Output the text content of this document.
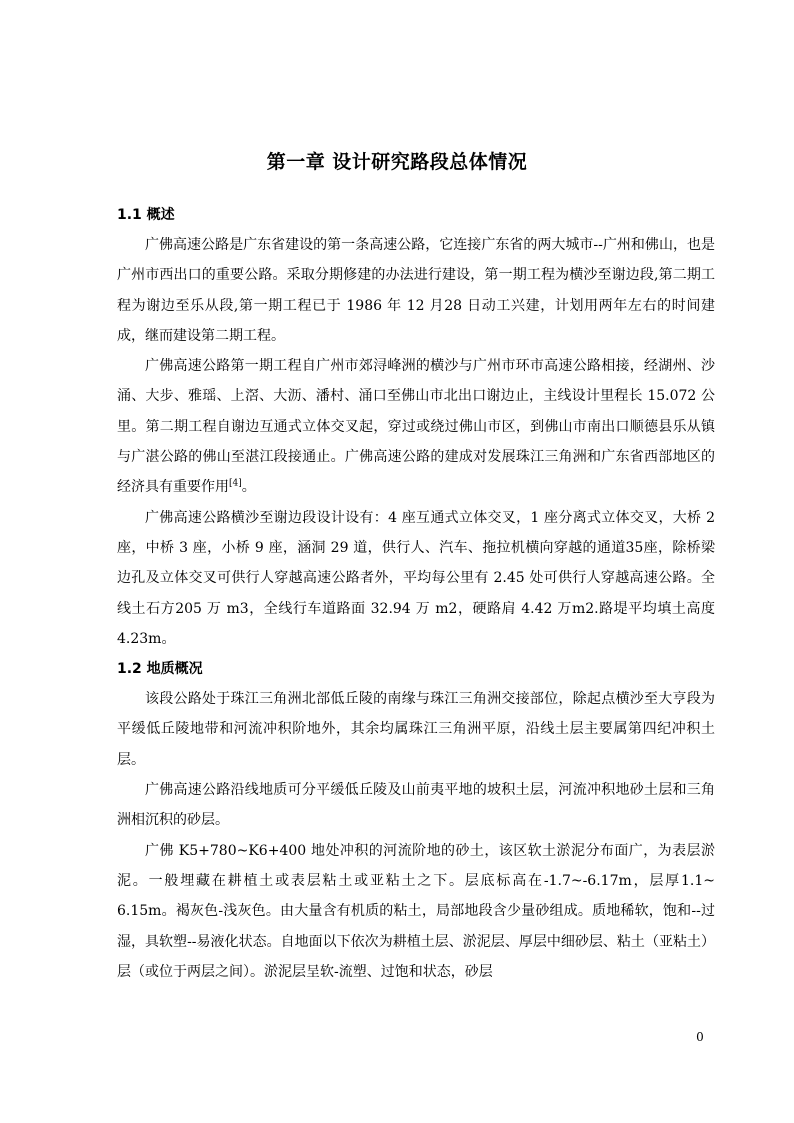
第一章 设计研究路段总体情况
1.1 概述

广佛高速公路是广东省建设的第一条高速公路，它连接广东省的两大城市--广州和佛山，也是广州市西出口的重要公路。采取分期修建的办法进行建设，第一期工程为横沙至谢边段,第二期工程为谢边至乐从段,第一期工程已于 1986 年 12 月28 日动工兴建，计划用两年左右的时间建成，继而建设第二期工程。

广佛高速公路第一期工程自广州市郊浔峰洲的横沙与广州市环市高速公路相接，经湖州、沙涌、大步、雅瑶、上滘、大沥、潘村、涌口至佛山市北出口谢边止，主线设计里程长 15.072 公里。第二期工程自谢边互通式立体交叉起，穿过或绕过佛山市区，到佛山市南出口顺德县乐从镇与广湛公路的佛山至湛江段接通止。广佛高速公路的建成对发展珠江三角洲和广东省西部地区的经济具有重要作用[4]。

广佛高速公路横沙至谢边段设计设有：4 座互通式立体交叉，1 座分离式立体交叉，大桥 2 座，中桥 3 座，小桥 9 座，涵洞 29 道，供行人、汽车、拖拉机横向穿越的通道35座，除桥梁边孔及立体交叉可供行人穿越高速公路者外，平均每公里有 2.45 处可供行人穿越高速公路。全线土石方205 万 m3，全线行车道路面 32.94 万 m2，硬路肩 4.42 万m2.路堤平均填土高度 4.23m。

1.2 地质概况

该段公路处于珠江三角洲北部低丘陵的南缘与珠江三角洲交接部位，除起点横沙至大亨段为平缓低丘陵地带和河流冲积阶地外，其余均属珠江三角洲平原，沿线土层主要属第四纪冲积土层。

广佛高速公路沿线地质可分平缓低丘陵及山前夷平地的坡积土层，河流冲积地砂土层和三角洲相沉积的砂层。

广佛 K5+780~K6+400 地处冲积的河流阶地的砂土，该区软土淤泥分布面广，为表层淤泥。一般埋藏在耕植土或表层粘土或亚粘土之下。层底标高在-1.7~-6.17m，层厚1.1~ 6.15m。褐灰色-浅灰色。由大量含有机质的粘土，局部地段含少量砂组成。质地稀软，饱和--过湿，具软塑--易液化状态。自地面以下依次为耕植土层、淤泥层、厚层中细砂层、粘土（亚粘土）层（或位于两层之间）。淤泥层呈软-流塑、过饱和状态，砂层

0
